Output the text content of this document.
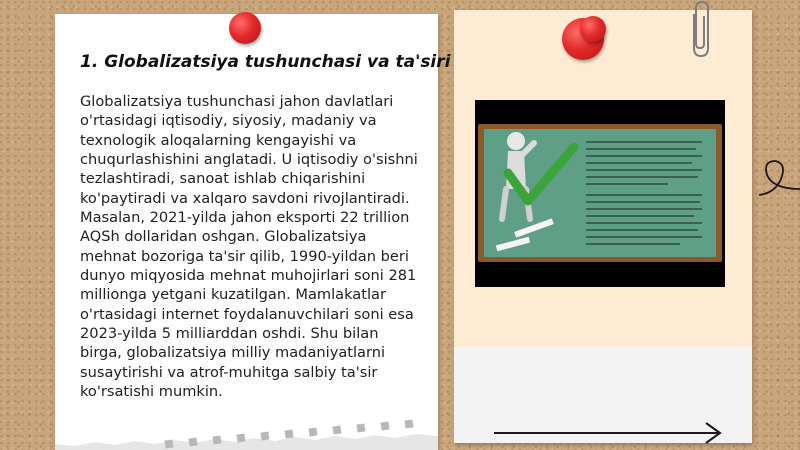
1. Globalizatsiya tushunchasi va ta'siri

Globalizatsiya tushunchasi jahon davlatlari o'rtasidagi iqtisodiy, siyosiy, madaniy va texnologik aloqalarning kengayishi va chuqurlashishini anglatadi. U iqtisodiy o'sishni tezlashtiradi, sanoat ishlab chiqarishini ko'paytiradi va xalqaro savdoni rivojlantiradi. Masalan, 2021-yilda jahon eksporti 22 trillion AQSh dollaridan oshgan. Globalizatsiya mehnat bozoriga ta'sir qilib, 1990-yildan beri dunyo miqyosida mehnat muhojirlari soni 281 millionga yetgani kuzatilgan. Mamlakatlar o'rtasidagi internet foydalanuvchilari soni esa 2023-yilda 5 milliarddan oshdi. Shu bilan birga, globalizatsiya milliy madaniyatlarni susaytirishi va atrof-muhitga salbiy ta'sir ko'rsatishi mumkin.
